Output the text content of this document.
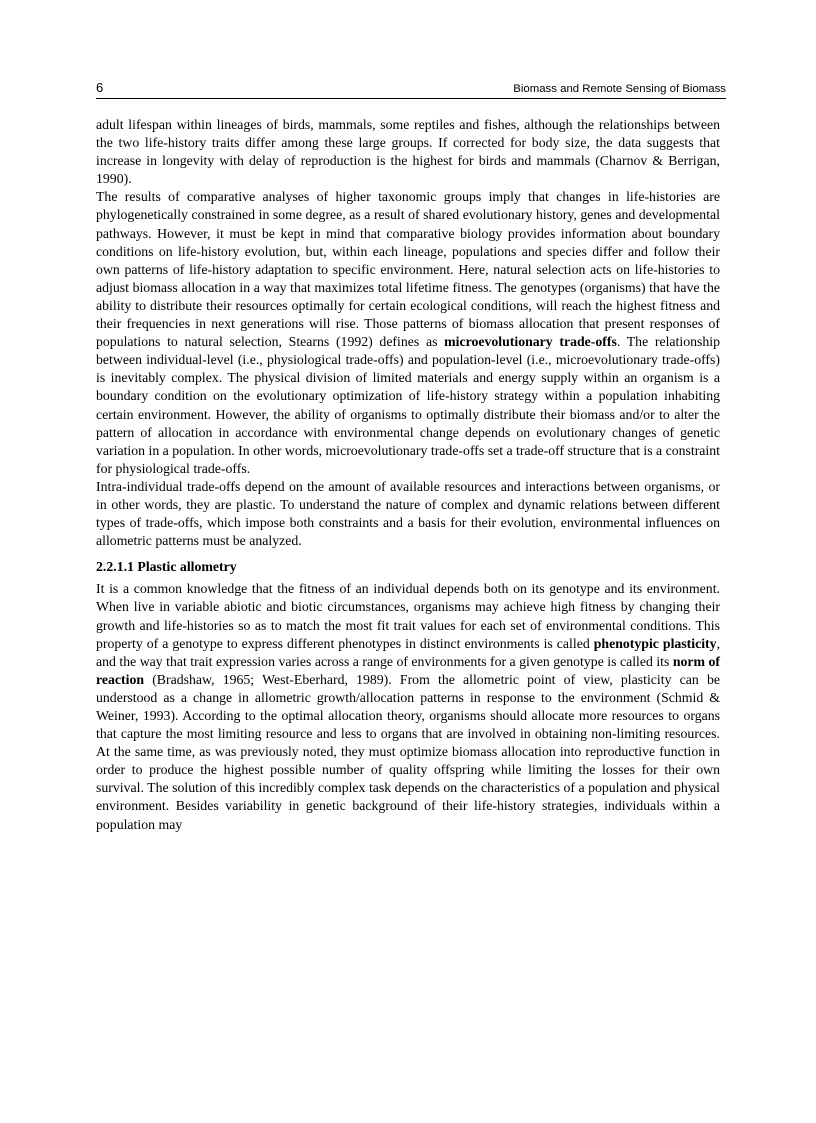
6	Biomass and Remote Sensing of Biomass

adult lifespan within lineages of birds, mammals, some reptiles and fishes, although the relationships between the two life-history traits differ among these large groups. If corrected for body size, the data suggests that increase in longevity with delay of reproduction is the highest for birds and mammals (Charnov & Berrigan, 1990).

The results of comparative analyses of higher taxonomic groups imply that changes in life-histories are phylogenetically constrained in some degree, as a result of shared evolutionary history, genes and developmental pathways. However, it must be kept in mind that comparative biology provides information about boundary conditions on life-history evolution, but, within each lineage, populations and species differ and follow their own patterns of life-history adaptation to specific environment. Here, natural selection acts on life-histories to adjust biomass allocation in a way that maximizes total lifetime fitness. The genotypes (organisms) that have the ability to distribute their resources optimally for certain ecological conditions, will reach the highest fitness and their frequencies in next generations will rise. Those patterns of biomass allocation that present responses of populations to natural selection, Stearns (1992) defines as microevolutionary trade-offs. The relationship between individual-level (i.e., physiological trade-offs) and population-level (i.e., microevolutionary trade-offs) is inevitably complex. The physical division of limited materials and energy supply within an organism is a boundary condition on the evolutionary optimization of life-history strategy within a population inhabiting certain environment. However, the ability of organisms to optimally distribute their biomass and/or to alter the pattern of allocation in accordance with environmental change depends on evolutionary changes of genetic variation in a population. In other words, microevolutionary trade-offs set a trade-off structure that is a constraint for physiological trade-offs.

Intra-individual trade-offs depend on the amount of available resources and interactions between organisms, or in other words, they are plastic. To understand the nature of complex and dynamic relations between different types of trade-offs, which impose both constraints and a basis for their evolution, environmental influences on allometric patterns must be analyzed.

2.2.1.1 Plastic allometry

It is a common knowledge that the fitness of an individual depends both on its genotype and its environment. When live in variable abiotic and biotic circumstances, organisms may achieve high fitness by changing their growth and life-histories so as to match the most fit trait values for each set of environmental conditions. This property of a genotype to express different phenotypes in distinct environments is called phenotypic plasticity, and the way that trait expression varies across a range of environments for a given genotype is called its norm of reaction (Bradshaw, 1965; West-Eberhard, 1989). From the allometric point of view, plasticity can be understood as a change in allometric growth/allocation patterns in response to the environment (Schmid & Weiner, 1993). According to the optimal allocation theory, organisms should allocate more resources to organs that capture the most limiting resource and less to organs that are involved in obtaining non-limiting resources. At the same time, as was previously noted, they must optimize biomass allocation into reproductive function in order to produce the highest possible number of quality offspring while limiting the losses for their own survival. The solution of this incredibly complex task depends on the characteristics of a population and physical environment. Besides variability in genetic background of their life-history strategies, individuals within a population may
